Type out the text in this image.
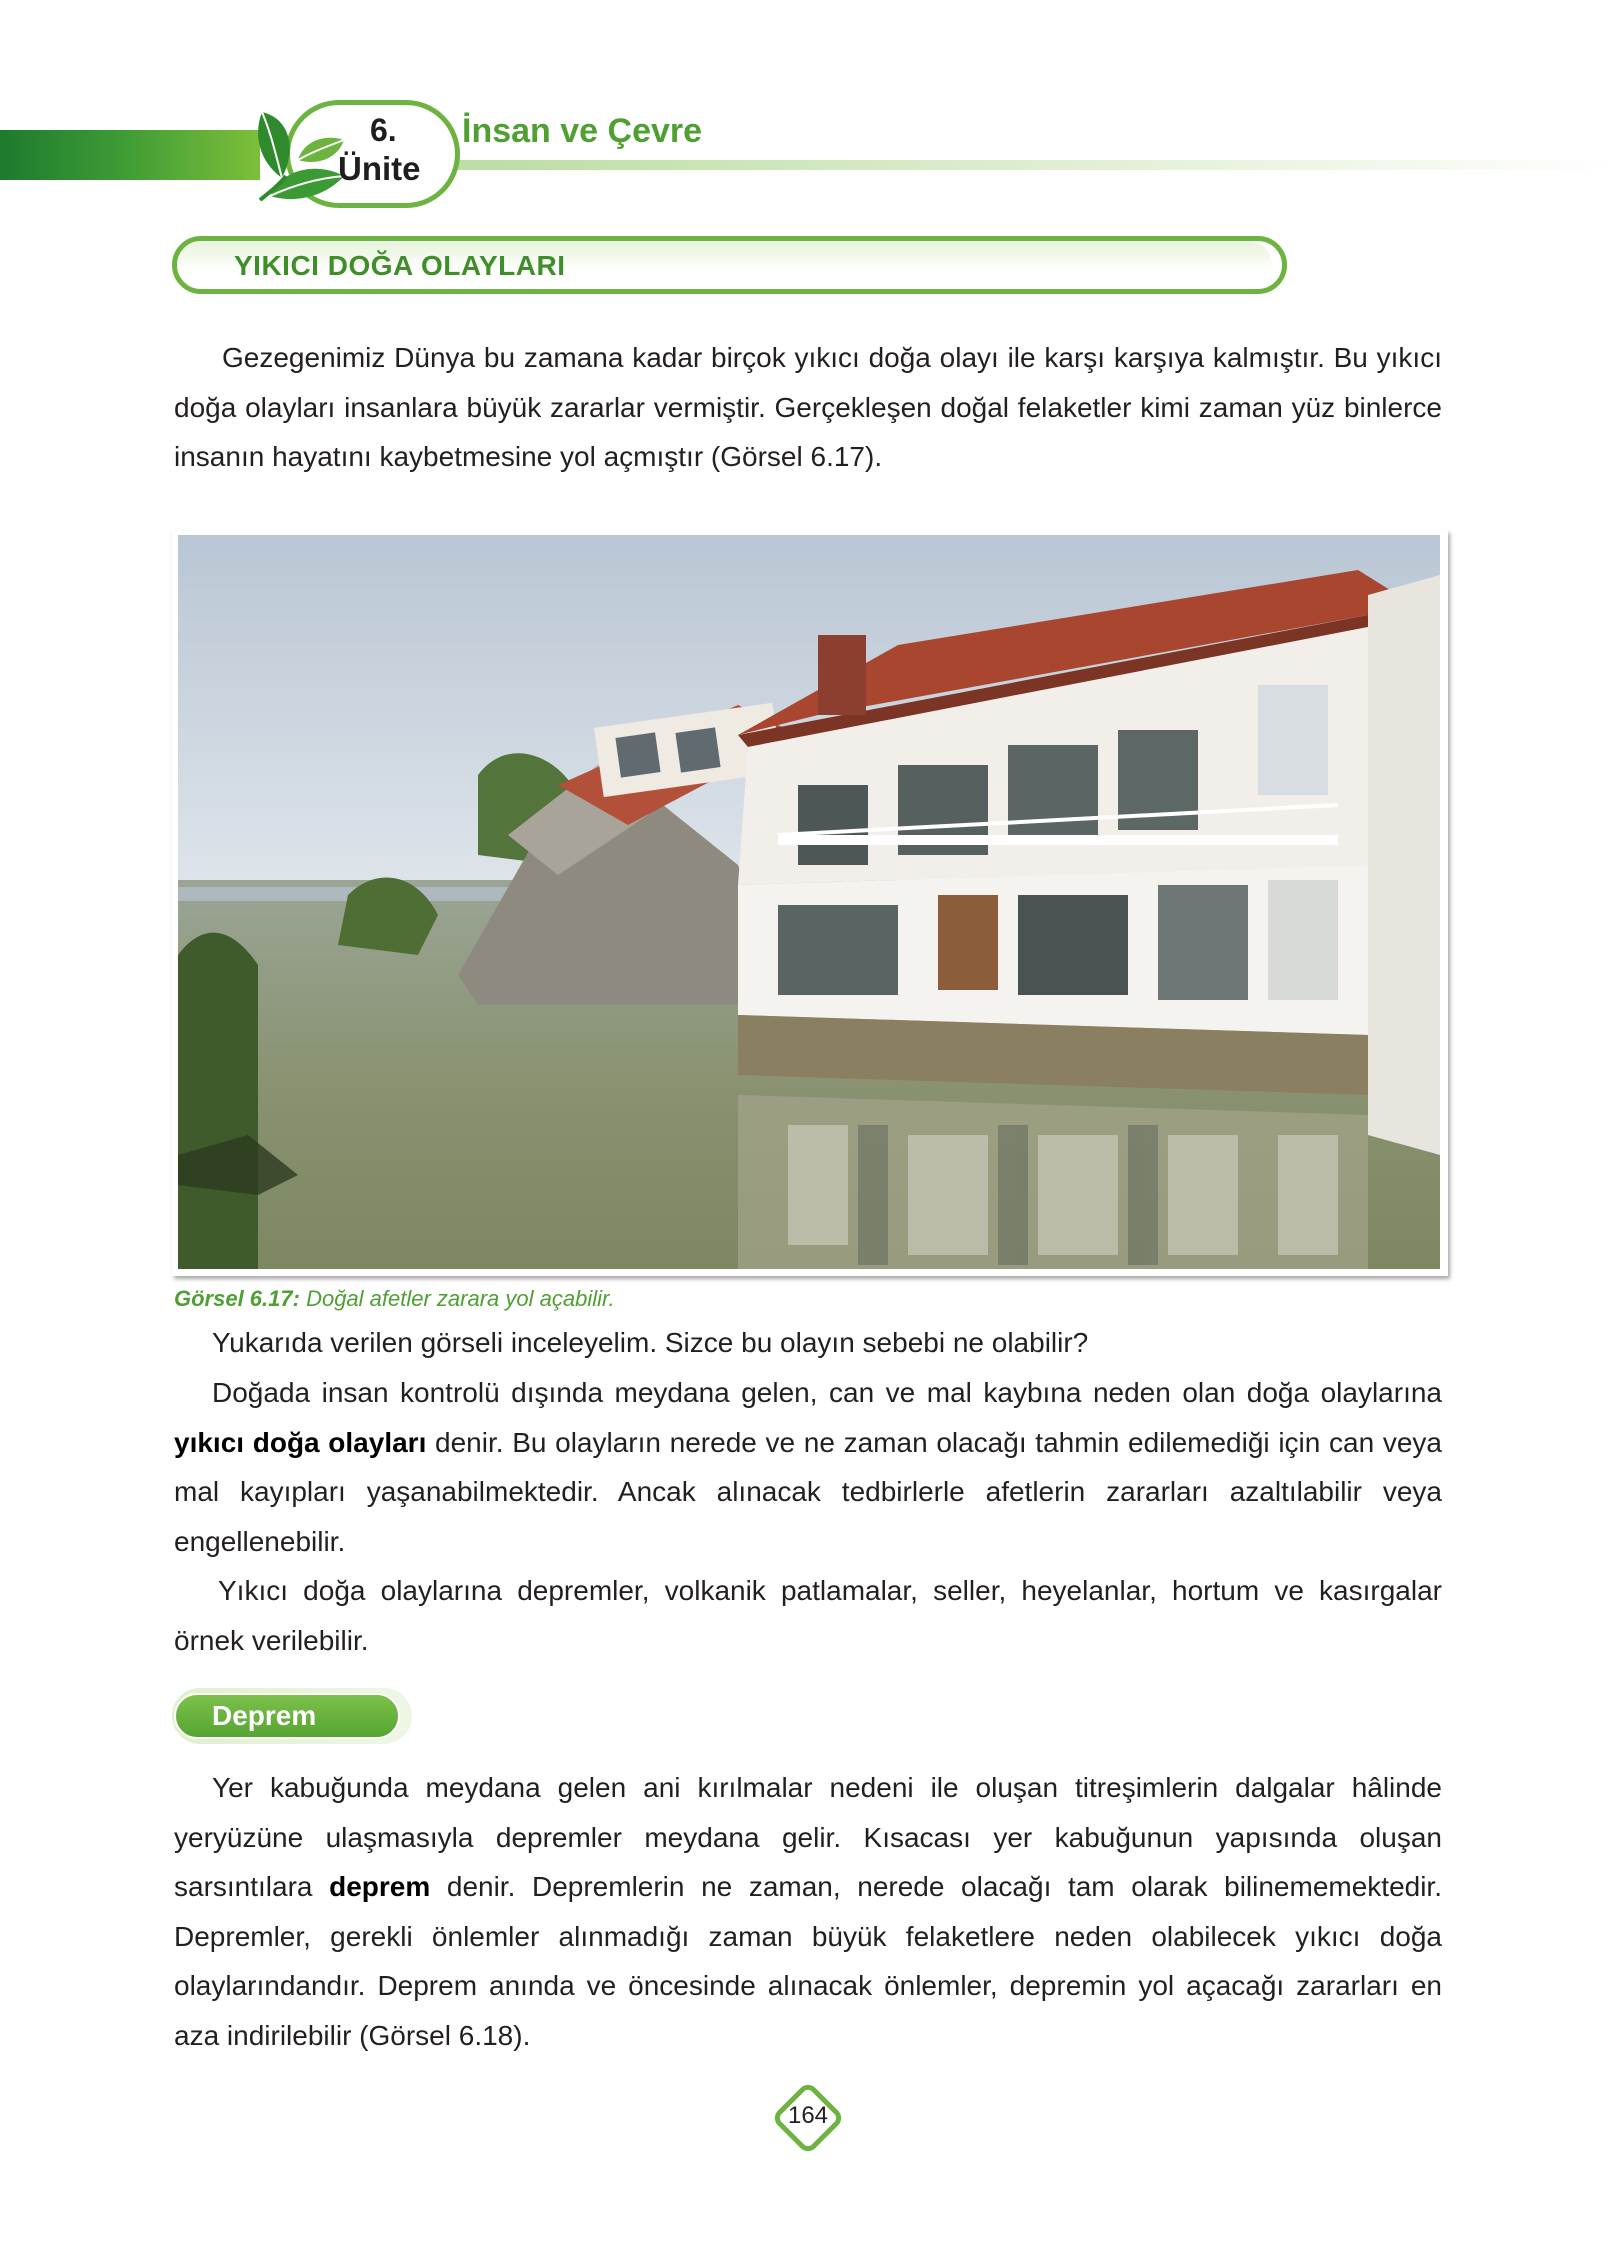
6.
Ünite
İnsan ve Çevre
YIKICI DOĞA OLAYLARI

Gezegenimiz Dünya bu zamana kadar birçok yıkıcı doğa olayı ile karşı karşıya kalmıştır. Bu yıkıcı doğa olayları insanlara büyük zararlar vermiştir. Gerçekleşen doğal felaketler kimi zaman yüz binlerce insanın hayatını kaybetmesine yol açmıştır (Görsel 6.17).

Görsel 6.17: Doğal afetler zarara yol açabilir.

Yukarıda verilen görseli inceleyelim. Sizce bu olayın sebebi ne olabilir?

Doğada insan kontrolü dışında meydana gelen, can ve mal kaybına neden olan doğa olaylarına yıkıcı doğa olayları denir. Bu olayların nerede ve ne zaman olacağı tahmin edilemediği için can veya mal kayıpları yaşanabilmektedir. Ancak alınacak tedbirlerle afetlerin zararları azaltılabilir veya engellenebilir.

Yıkıcı doğa olaylarına depremler, volkanik patlamalar, seller, heyelanlar, hortum ve kasırgalar örnek verilebilir.

Deprem

Yer kabuğunda meydana gelen ani kırılmalar nedeni ile oluşan titreşimlerin dalgalar hâlinde yeryüzüne ulaşmasıyla depremler meydana gelir. Kısacası yer kabuğunun yapısında oluşan sarsıntılara deprem denir. Depremlerin ne zaman, nerede olacağı tam olarak bilinememektedir. Depremler, gerekli önlemler alınmadığı zaman büyük felaketlere neden olabilecek yıkıcı doğa olaylarındandır. Deprem anında ve öncesinde alınacak önlemler, depremin yol açacağı zararları en aza indirilebilir (Görsel 6.18).

164
